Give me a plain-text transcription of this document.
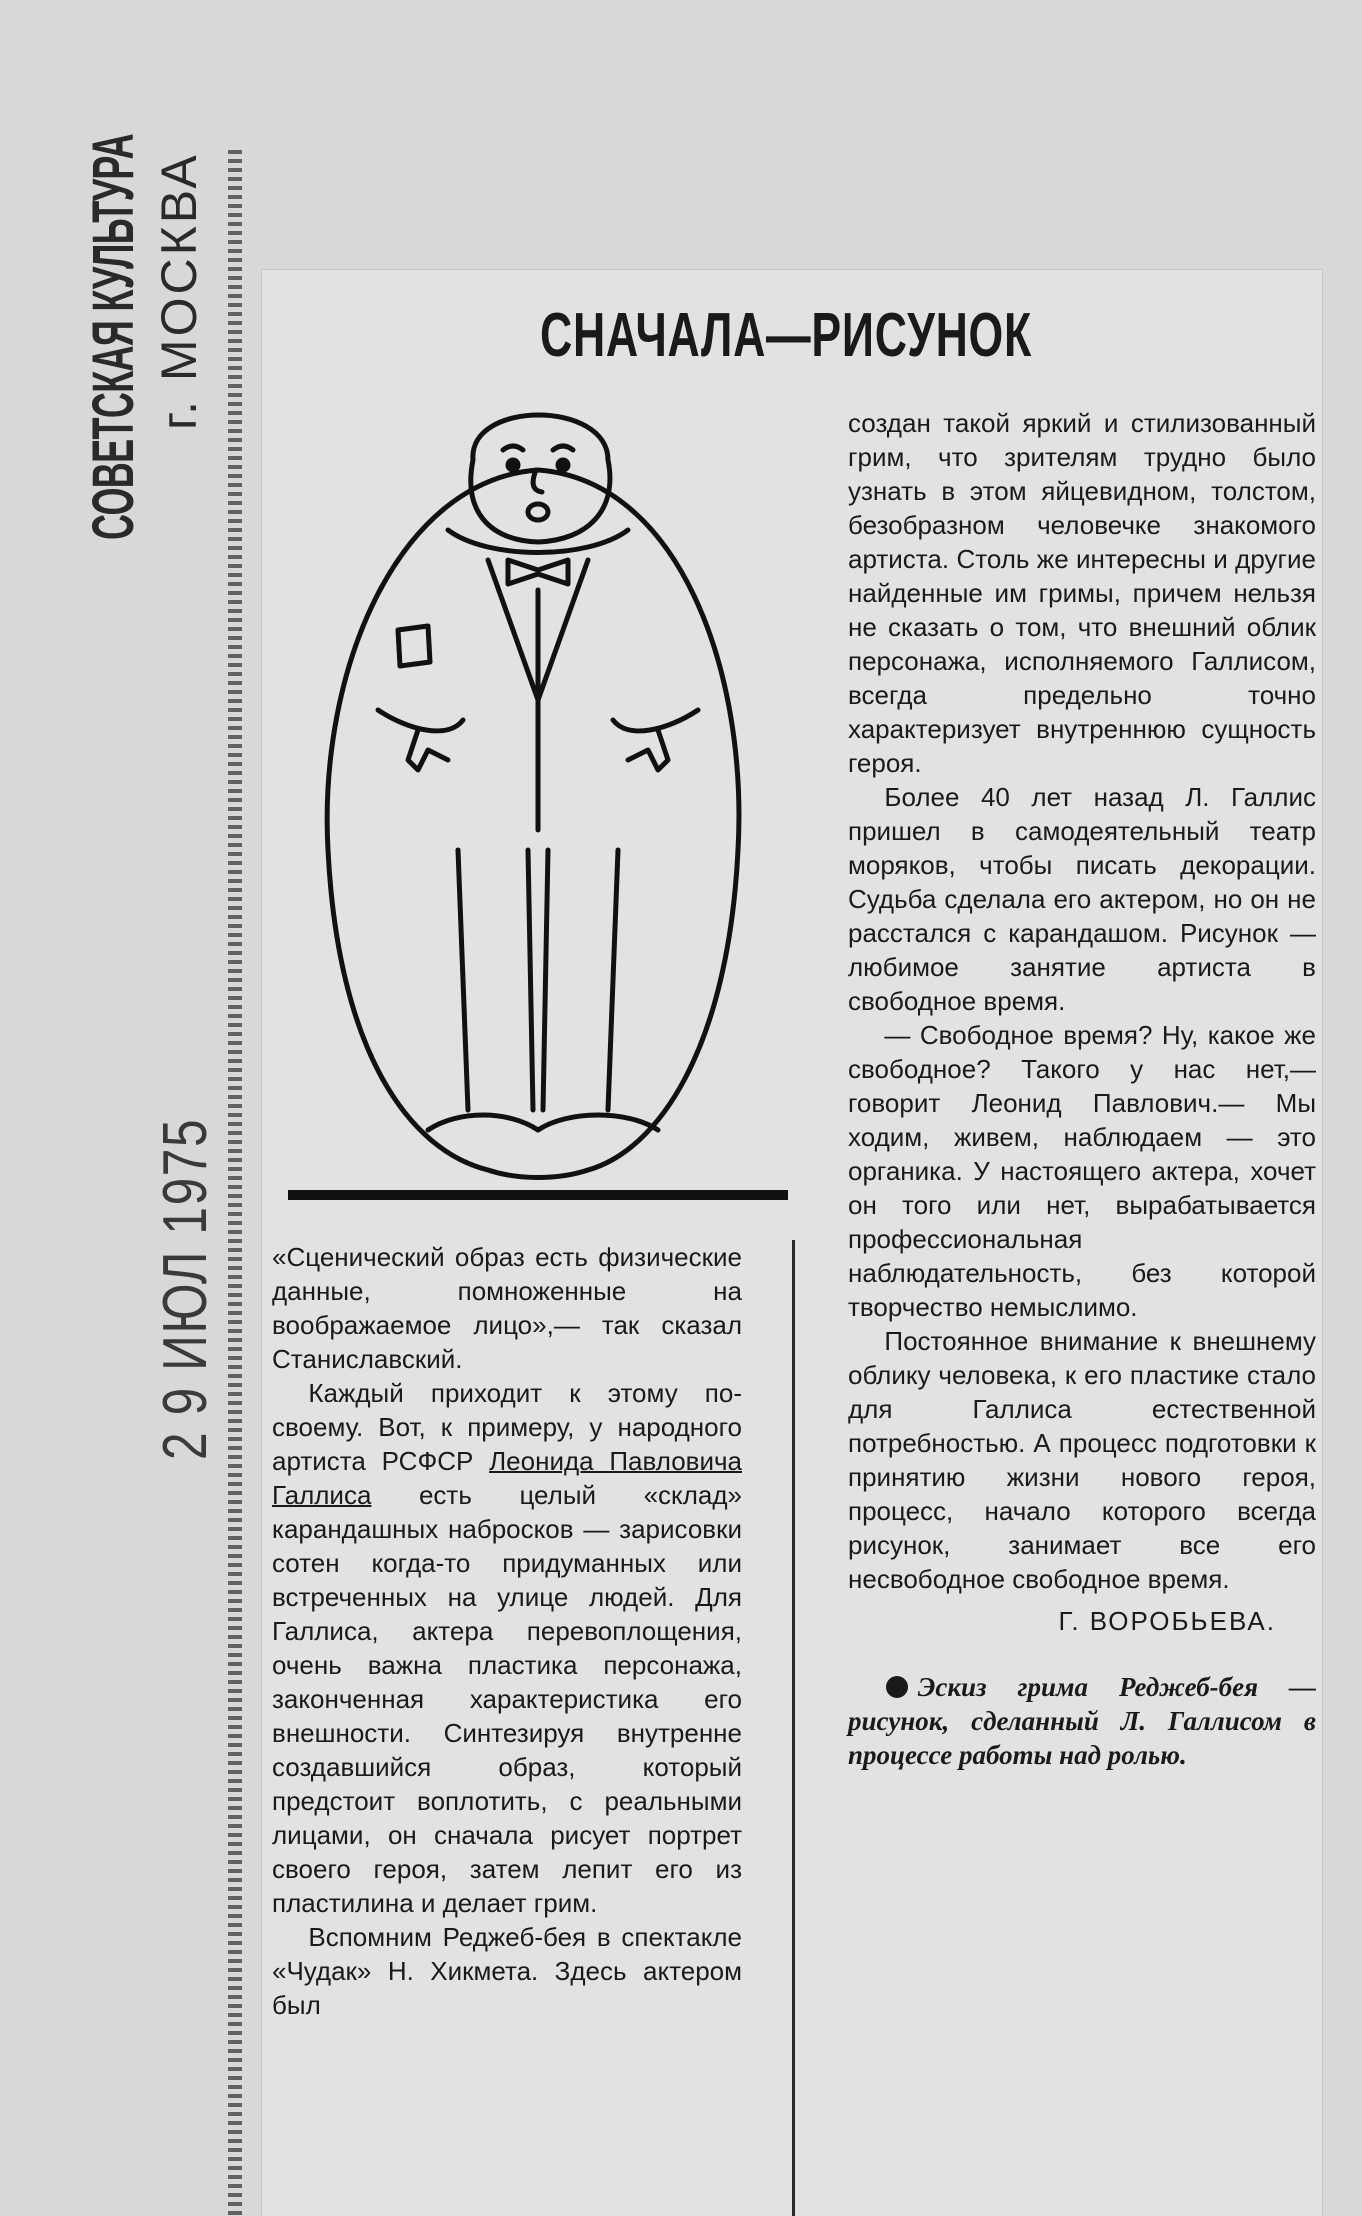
СОВЕТСКАЯ КУЛЬТУРА г. МОСКВА
2 9 ИЮЛ 1975
СНАЧАЛА—РИСУНОК

«Сценический образ есть физические данные, помноженные на воображаемое лицо»,— так сказал Станиславский.

Каждый приходит к этому по-своему. Вот, к примеру, у народного артиста РСФСР Леонида Павловича Галлиса есть целый «склад» карандашных набросков — зарисовки сотен когда-то придуманных или встреченных на улице людей. Для Галлиса, актера перевоплощения, очень важна пластика персонажа, законченная характеристика его внешности. Синтезируя внутренне создавшийся образ, который предстоит воплотить, с реальными лицами, он сначала рисует портрет своего героя, затем лепит его из пластилина и делает грим.

Вспомним Реджеб-бея в спектакле «Чудак» Н. Хикмета. Здесь актером был

создан такой яркий и стилизованный грим, что зрителям трудно было узнать в этом яйцевидном, толстом, безобразном человечке знакомого артиста. Столь же интересны и другие найденные им гримы, причем нельзя не сказать о том, что внешний облик персонажа, исполняемого Галлисом, всегда предельно точно характеризует внутреннюю сущность героя.

Более 40 лет назад Л. Галлис пришел в самодеятельный театр моряков, чтобы писать декорации. Судьба сделала его актером, но он не расстался с карандашом. Рисунок — любимое занятие артиста в свободное время.

— Свободное время? Ну, какое же свободное? Такого у нас нет,— говорит Леонид Павлович.— Мы ходим, живем, наблюдаем — это органика. У настоящего актера, хочет он того или нет, вырабатывается профессиональная наблюдательность, без которой творчество немыслимо.

Постоянное внимание к внешнему облику человека, к его пластике стало для Галлиса естественной потребностью. А процесс подготовки к принятию жизни нового героя, процесс, начало которого всегда рисунок, занимает все его несвободное свободное время.

Г. ВОРОБЬЕВА.

Эскиз грима Реджеб-бея — рисунок, сделанный Л. Галлисом в процессе работы над ролью.
